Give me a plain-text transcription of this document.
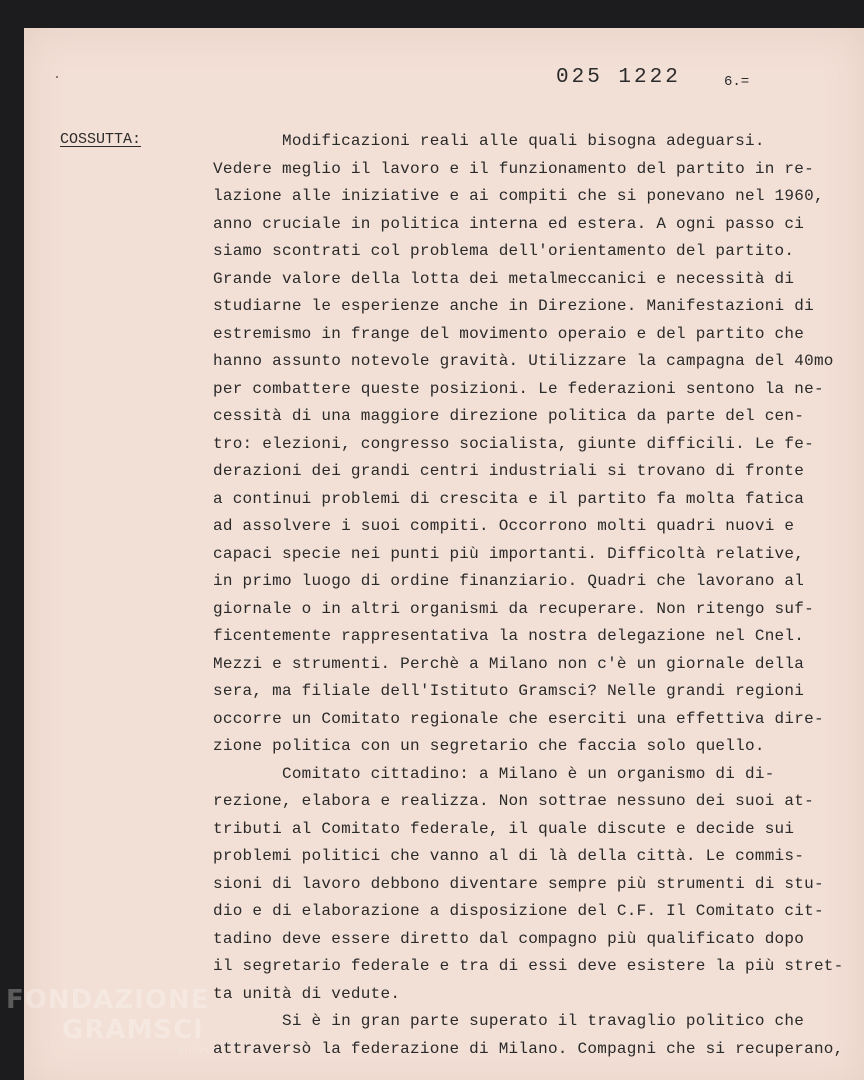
025 1222	6.=
COSSUTTA:	Modificazioni reali alle quali bisogna adeguarsi.
Vedere meglio il lavoro e il funzionamento del partito in re-
lazione alle iniziative e ai compiti che si ponevano nel 1960,
anno cruciale in politica interna ed estera. A ogni passo ci
siamo scontrati col problema dell'orientamento del partito.
Grande valore della lotta dei metalmeccanici e necessità di
studiarne le esperienze anche in Direzione. Manifestazioni di
estremismo in frange del movimento operaio e del partito che
hanno assunto notevole gravità. Utilizzare la campagna del 40mo
per combattere queste posizioni. Le federazioni sentono la ne-
cessità di una maggiore direzione politica da parte del cen-
tro: elezioni, congresso socialista, giunte difficili. Le fe-
derazioni dei grandi centri industriali si trovano di fronte
a continui problemi di crescita e il partito fa molta fatica
ad assolvere i suoi compiti. Occorrono molti quadri nuovi e
capaci specie nei punti più importanti. Difficoltà relative,
in primo luogo di ordine finanziario. Quadri che lavorano al
giornale o in altri organismi da recuperare. Non ritengo suf-
ficentemente rappresentativa la nostra delegazione nel Cnel.
Mezzi e strumenti. Perchè a Milano non c'è un giornale della
sera, ma filiale dell'Istituto Gramsci? Nelle grandi regioni
occorre un Comitato regionale che eserciti una effettiva dire-
zione politica con un segretario che faccia solo quello.
Comitato cittadino: a Milano è un organismo di di-
rezione, elabora e realizza. Non sottrae nessuno dei suoi at-
tributi al Comitato federale, il quale discute e decide sui
problemi politici che vanno al di là della città. Le commis-
sioni di lavoro debbono diventare sempre più strumenti di stu-
dio e di elaborazione a disposizione del C.F. Il Comitato cit-
tadino deve essere diretto dal compagno più qualificato dopo
il segretario federale e tra di essi deve esistere la più stret-
ta unità di vedute.
Si è in gran parte superato il travaglio politico che
attraversò la federazione di Milano. Compagni che si recuperano,
FONDAZIONE
GRAMSCI
onlus
